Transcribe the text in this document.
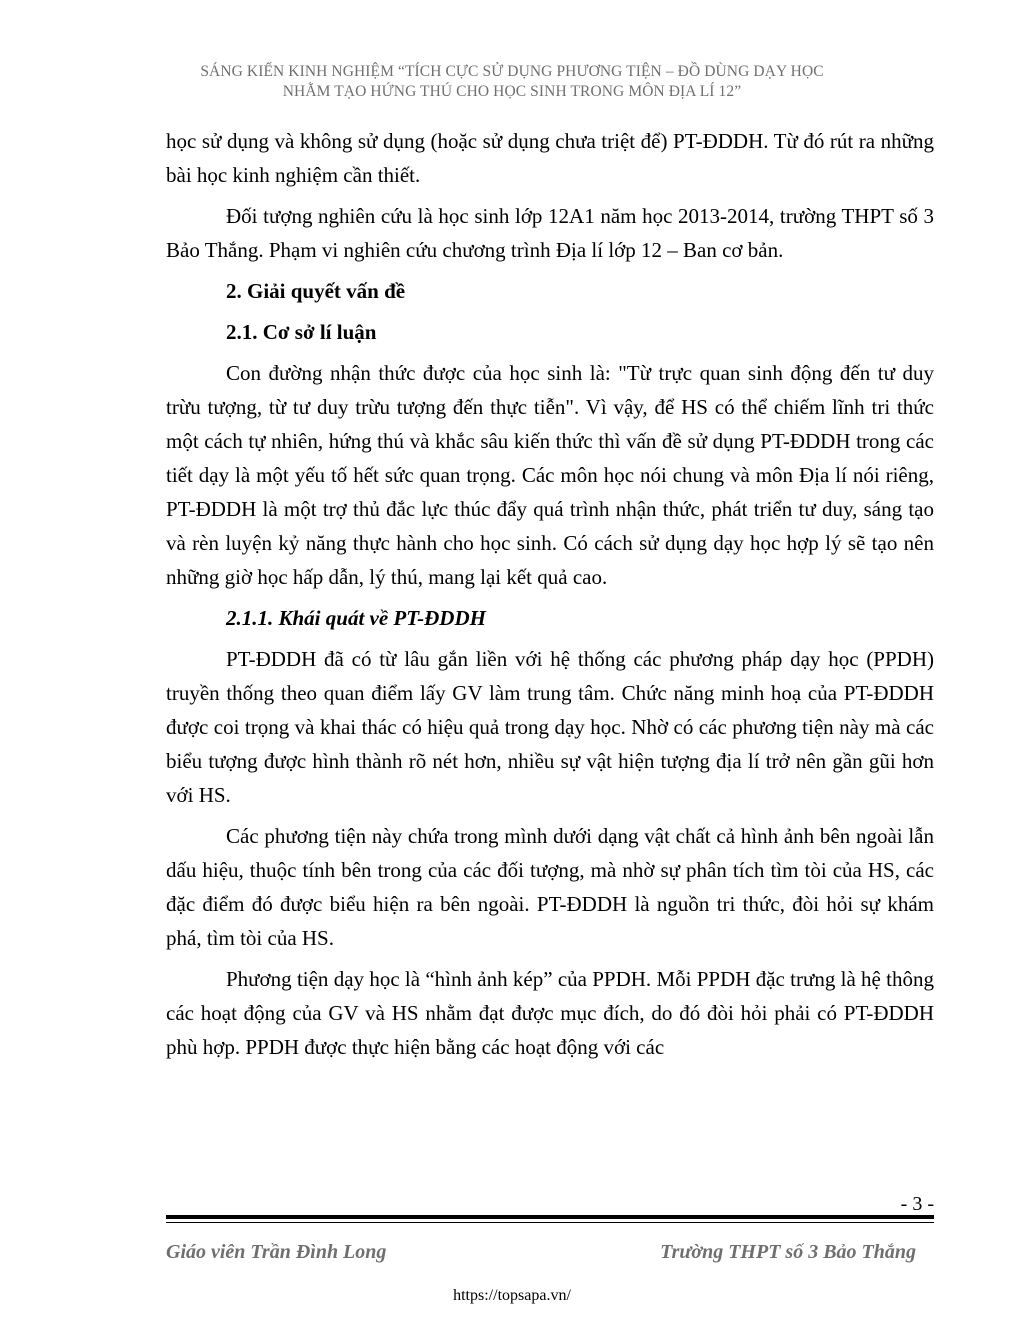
SÁNG KIẾN KINH NGHIỆM “TÍCH CỰC SỬ DỤNG PHƯƠNG TIỆN – ĐỒ DÙNG DẠY HỌC
NHẰM TẠO HỨNG THÚ CHO HỌC SINH TRONG MÔN ĐỊA LÍ 12”

học sử dụng và không sử dụng (hoặc sử dụng chưa triệt để) PT-ĐDDH. Từ đó rút ra những bài học kinh nghiệm cần thiết.

Đối tượng nghiên cứu là học sinh lớp 12A1 năm học 2013-2014, trường THPT số 3 Bảo Thắng. Phạm vi nghiên cứu chương trình Địa lí lớp 12 – Ban cơ bản.

2. Giải quyết vấn đề
2.1. Cơ sở lí luận

Con đường nhận thức được của học sinh là: "Từ trực quan sinh động đến tư duy trừu tượng, từ tư duy trừu tượng đến thực tiễn". Vì vậy, để HS có thể chiếm lĩnh tri thức một cách tự nhiên, hứng thú và khắc sâu kiến thức thì vấn đề sử dụng PT-ĐDDH trong các tiết dạy là một yếu tố hết sức quan trọng. Các môn học nói chung và môn Địa lí nói riêng, PT-ĐDDH là một trợ thủ đắc lực thúc đẩy quá trình nhận thức, phát triển tư duy, sáng tạo và rèn luyện kỷ năng thực hành cho học sinh. Có cách sử dụng dạy học hợp lý sẽ tạo nên những giờ học hấp dẫn, lý thú, mang lại kết quả cao.

2.1.1. Khái quát về PT-ĐDDH

PT-ĐDDH đã có từ lâu gắn liền với hệ thống các phương pháp dạy học (PPDH) truyền thống theo quan điểm lấy GV làm trung tâm. Chức năng minh hoạ của PT-ĐDDH được coi trọng và khai thác có hiệu quả trong dạy học. Nhờ có các phương tiện này mà các biểu tượng được hình thành rõ nét hơn, nhiều sự vật hiện tượng địa lí trở nên gần gũi hơn với HS.

Các phương tiện này chứa trong mình dưới dạng vật chất cả hình ảnh bên ngoài lẫn dấu hiệu, thuộc tính bên trong của các đối tượng, mà nhờ sự phân tích tìm tòi của HS, các đặc điểm đó được biểu hiện ra bên ngoài. PT-ĐDDH là nguồn tri thức, đòi hỏi sự khám phá, tìm tòi của HS.

Phương tiện dạy học là “hình ảnh kép” của PPDH. Mỗi PPDH đặc trưng là hệ thông các hoạt động của GV và HS nhằm đạt được mục đích, do đó đòi hỏi phải có PT-ĐDDH phù hợp. PPDH được thực hiện bằng các hoạt động với các

- 3 -
Giáo viên Trần Đình Long	Trường THPT số 3 Bảo Thắng
https://topsapa.vn/
